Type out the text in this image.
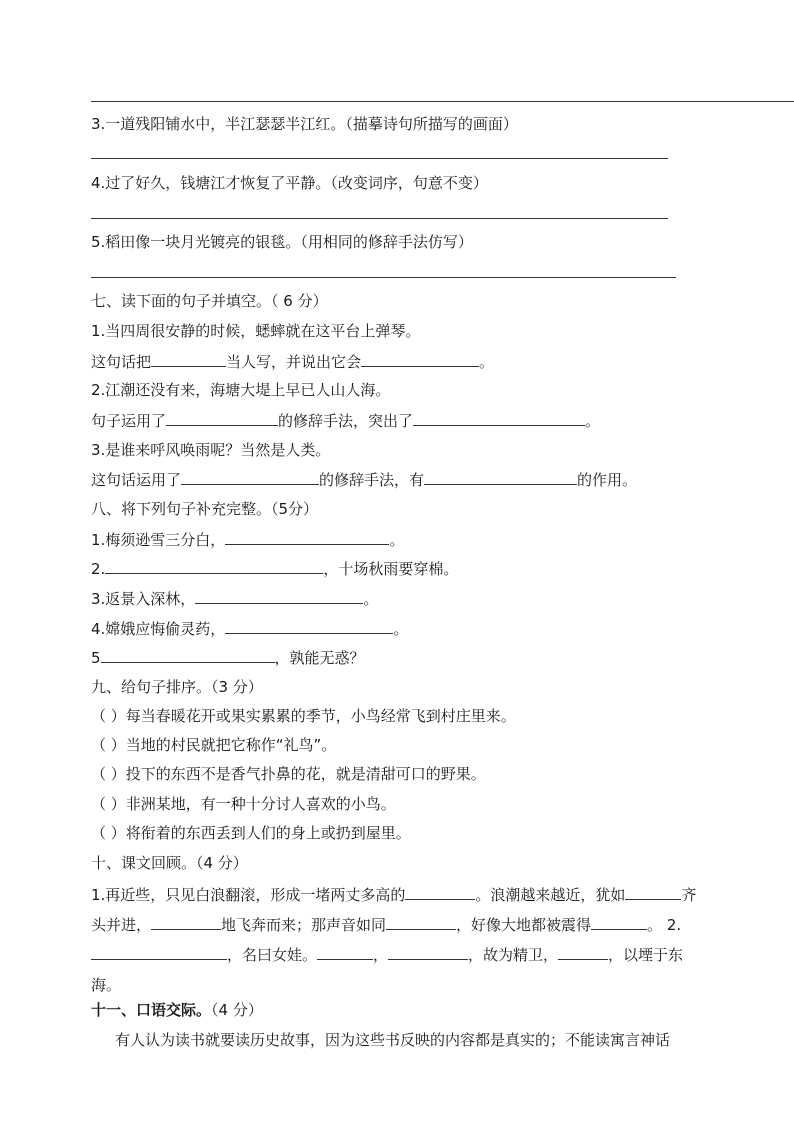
3.一道残阳铺水中，半江瑟瑟半江红。（描摹诗句所描写的画面）
4.过了好久，钱塘江才恢复了平静。（改变词序，句意不变）
5.稻田像一块月光镀亮的银毯。（用相同的修辞手法仿写）
七、读下面的句子并填空。（ 6 分）
1.当四周很安静的时候，蟋蟀就在这平台上弹琴。
这句话把	当人写，并说出它会	。
2.江潮还没有来，海塘大堤上早已人山人海。
句子运用了	的修辞手法，突出了	。
3.是谁来呼风唤雨呢？当然是人类。
这句话运用了	的修辞手法，有	的作用。
八、将下列句子补充完整。（5分）
1.梅须逊雪三分白，	。
2.	，十场秋雨要穿棉。
3.返景入深林，	。
4.嫦娥应悔偷灵药，	。
5	，孰能无惑？
九、给句子排序。（3 分）
（ ）每当春暖花开或果实累累的季节，小鸟经常飞到村庄里来。
（ ）当地的村民就把它称作“礼鸟”。
（ ）投下的东西不是香气扑鼻的花，就是清甜可口的野果。
（ ）非洲某地，有一种十分讨人喜欢的小鸟。
（ ）将衔着的东西丢到人们的身上或扔到屋里。
十、课文回顾。（4 分）
1.再近些，只见白浪翻滚，形成一堵两丈多高的	。浪潮越来越近，犹如	齐
头并进，	地飞奔而来；那声音如同	，好像大地都被震得	。 2.
，名曰女娃。	，	，故为精卫，	，以堙于东
海。
十一、口语交际。（4 分）
有人认为读书就要读历史故事，因为这些书反映的内容都是真实的；不能读寓言神话
